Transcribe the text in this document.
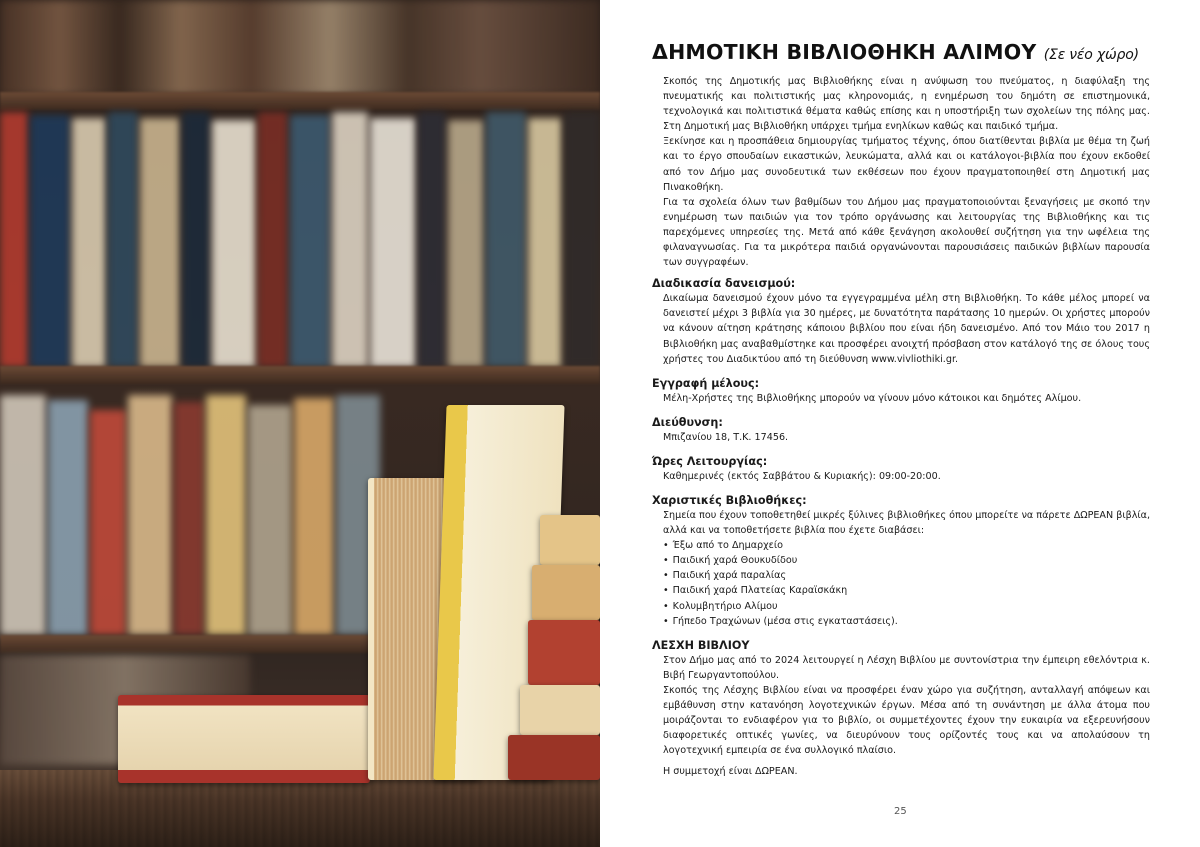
ΔΗΜΟΤΙΚΗ ΒΙΒΛΙΟΘΗΚΗ ΑΛΙΜΟΥ (Σε νέο χώρο)

Σκοπός της Δημοτικής μας Βιβλιοθήκης είναι η ανύψωση του πνεύματος, η διαφύλαξη της πνευματικής και πολιτιστικής μας κληρονομιάς, η ενημέρωση του δημότη σε επιστημονικά, τεχνολογικά και πολιτιστικά θέματα καθώς επίσης και η υποστήριξη των σχολείων της πόλης μας. Στη Δημοτική μας Βιβλιοθήκη υπάρχει τμήμα ενηλίκων καθώς και παιδικό τμήμα.

Ξεκίνησε και η προσπάθεια δημιουργίας τμήματος τέχνης, όπου διατίθενται βιβλία με θέμα τη ζωή και το έργο σπουδαίων εικαστικών, λευκώματα, αλλά και οι κατάλογοι-βιβλία που έχουν εκδοθεί από τον Δήμο μας συνοδευτικά των εκθέσεων που έχουν πραγματοποιηθεί στη Δημοτική μας Πινακοθήκη.

Για τα σχολεία όλων των βαθμίδων του Δήμου μας πραγματοποιούνται ξεναγήσεις με σκοπό την ενημέρωση των παιδιών για τον τρόπο οργάνωσης και λειτουργίας της Βιβλιοθήκης και τις παρεχόμενες υπηρεσίες της. Μετά από κάθε ξενάγηση ακολουθεί συζήτηση για την ωφέλεια της φιλαναγνωσίας. Για τα μικρότερα παιδιά οργανώνονται παρουσιάσεις παιδικών βιβλίων παρουσία των συγγραφέων.

Διαδικασία δανεισμού:

Δικαίωμα δανεισμού έχουν μόνο τα εγγεγραμμένα μέλη στη Βιβλιοθήκη. Το κάθε μέλος μπορεί να δανειστεί μέχρι 3 βιβλία για 30 ημέρες, με δυνατότητα παράτασης 10 ημερών. Οι χρήστες μπορούν να κάνουν αίτηση κράτησης κάποιου βιβλίου που είναι ήδη δανεισμένο. Από τον Μάιο του 2017 η Βιβλιοθήκη μας αναβαθμίστηκε και προσφέρει ανοιχτή πρόσβαση στον κατάλογό της σε όλους τους χρήστες του Διαδικτύου από τη διεύθυνση www.vivliothiki.gr.

Εγγραφή μέλους:

Μέλη-Χρήστες της Βιβλιοθήκης μπορούν να γίνουν μόνο κάτοικοι και δημότες Αλίμου.

Διεύθυνση:

Μπιζανίου 18, Τ.Κ. 17456.

Ώρες Λειτουργίας:

Καθημερινές (εκτός Σαββάτου & Κυριακής): 09:00-20:00.

Χαριστικές Βιβλιοθήκες:

Σημεία που έχουν τοποθετηθεί μικρές ξύλινες βιβλιοθήκες όπου μπορείτε να πάρετε ΔΩΡΕΑΝ βιβλία, αλλά και να τοποθετήσετε βιβλία που έχετε διαβάσει:

• Έξω από το Δημαρχείο
• Παιδική χαρά Θουκυδίδου
• Παιδική χαρά παραλίας
• Παιδική χαρά Πλατείας Καραϊσκάκη
• Κολυμβητήριο Αλίμου
• Γήπεδο Τραχώνων (μέσα στις εγκαταστάσεις).
ΛΕΣΧΗ ΒΙΒΛΙΟΥ

Στον Δήμο μας από το 2024 λειτουργεί η Λέσχη Βιβλίου με συντονίστρια την έμπειρη εθελόντρια κ. Βιβή Γεωργαντοπούλου.

Σκοπός της Λέσχης Βιβλίου είναι να προσφέρει έναν χώρο για συζήτηση, ανταλλαγή απόψεων και εμβάθυνση στην κατανόηση λογοτεχνικών έργων. Μέσα από τη συνάντηση με άλλα άτομα που μοιράζονται το ενδιαφέρον για το βιβλίο, οι συμμετέχοντες έχουν την ευκαιρία να εξερευνήσουν διαφορετικές οπτικές γωνίες, να διευρύνουν τους ορίζοντές τους και να απολαύσουν τη λογοτεχνική εμπειρία σε ένα συλλογικό πλαίσιο.

Η συμμετοχή είναι ΔΩΡΕΑΝ.

25
